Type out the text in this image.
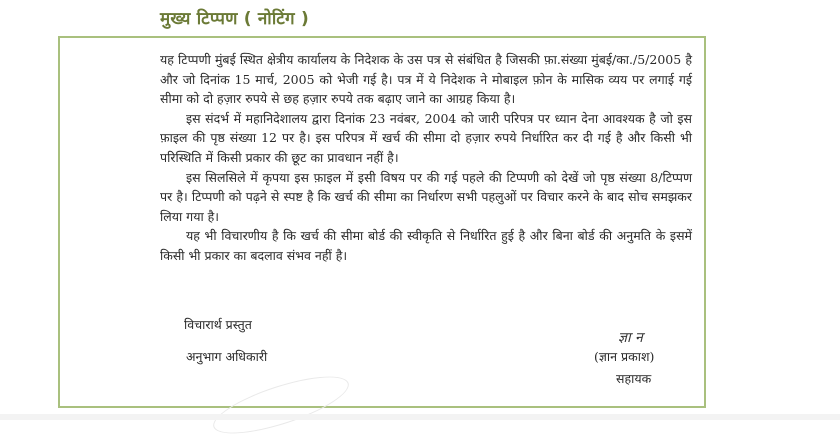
मुख्य टिप्पण ( नोटिंग )

यह टिप्पणी मुंबई स्थित क्षेत्रीय कार्यालय के निदेशक के उस पत्र से संबंधित है जिसकी फ़ा.संख्या मुंबई/का./5/2005 है और जो दिनांक 15 मार्च, 2005 को भेजी गई है। पत्र में ये निदेशक ने मोबाइल फ़ोन के मासिक व्यय पर लगाई गई सीमा को दो हज़ार रुपये से छह हज़ार रुपये तक बढ़ाए जाने का आग्रह किया है।

इस संदर्भ में महानिदेशालय द्वारा दिनांक 23 नवंबर, 2004 को जारी परिपत्र पर ध्यान देना आवश्यक है जो इस फ़ाइल की पृष्ठ संख्या 12 पर है। इस परिपत्र में खर्च की सीमा दो हज़ार रुपये निर्धारित कर दी गई है और किसी भी परिस्थिति में किसी प्रकार की छूट का प्रावधान नहीं है।

इस सिलसिले में कृपया इस फ़ाइल में इसी विषय पर की गई पहले की टिप्पणी को देखें जो पृष्ठ संख्या 8/टिप्पण पर है। टिप्पणी को पढ़ने से स्पष्ट है कि खर्च की सीमा का निर्धारण सभी पहलुओं पर विचार करने के बाद सोच समझकर लिया गया है।

यह भी विचारणीय है कि खर्च की सीमा बोर्ड की स्वीकृति से निर्धारित हुई है और बिना बोर्ड की अनुमति के इसमें किसी भी प्रकार का बदलाव संभव नहीं है।

विचारार्थ प्रस्तुत
ज्ञा न
अनुभाग अधिकारी	(ज्ञान प्रकाश)
सहायक
